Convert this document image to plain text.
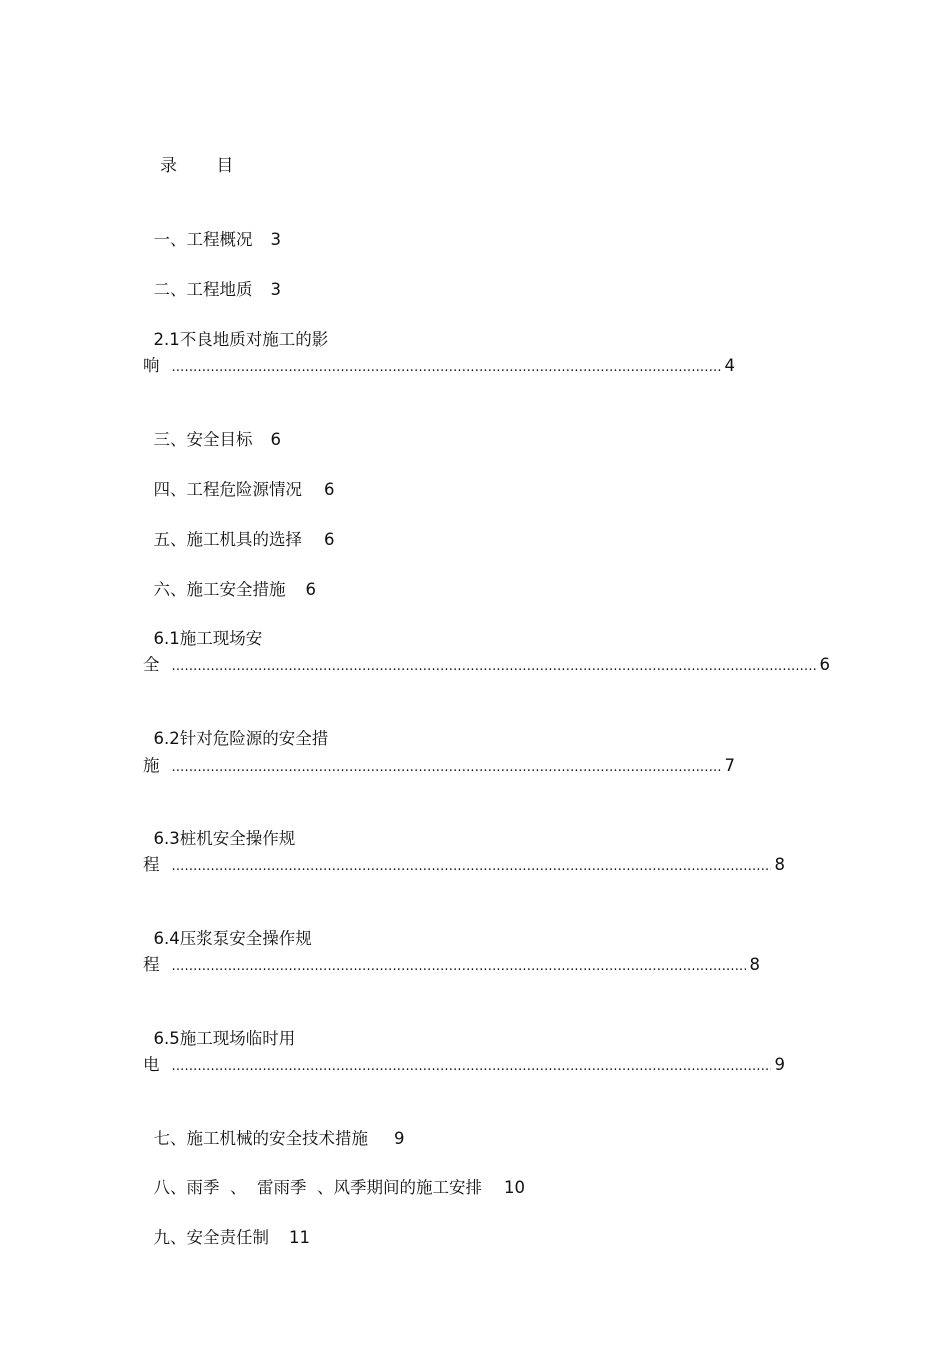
录      目

一、工程概况 3

二、工程地质 3

2.1不良地质对施工的影

响 .....	4

三、安全目标 6

四、工程危险源情况 6

五、施工机具的选择 6

六、施工安全措施 6

6.1施工现场安

全 .....	6

6.2针对危险源的安全措

施 .....	7

6.3桩机安全操作规

程 .....	8

6.4压浆泵安全操作规

程 .....	8

6.5施工现场临时用

电 .....	9

七、施工机械的安全技术措施 9

八、雨季  、  雷雨季  、风季期间的施工安排 10

九、安全责任制 11
